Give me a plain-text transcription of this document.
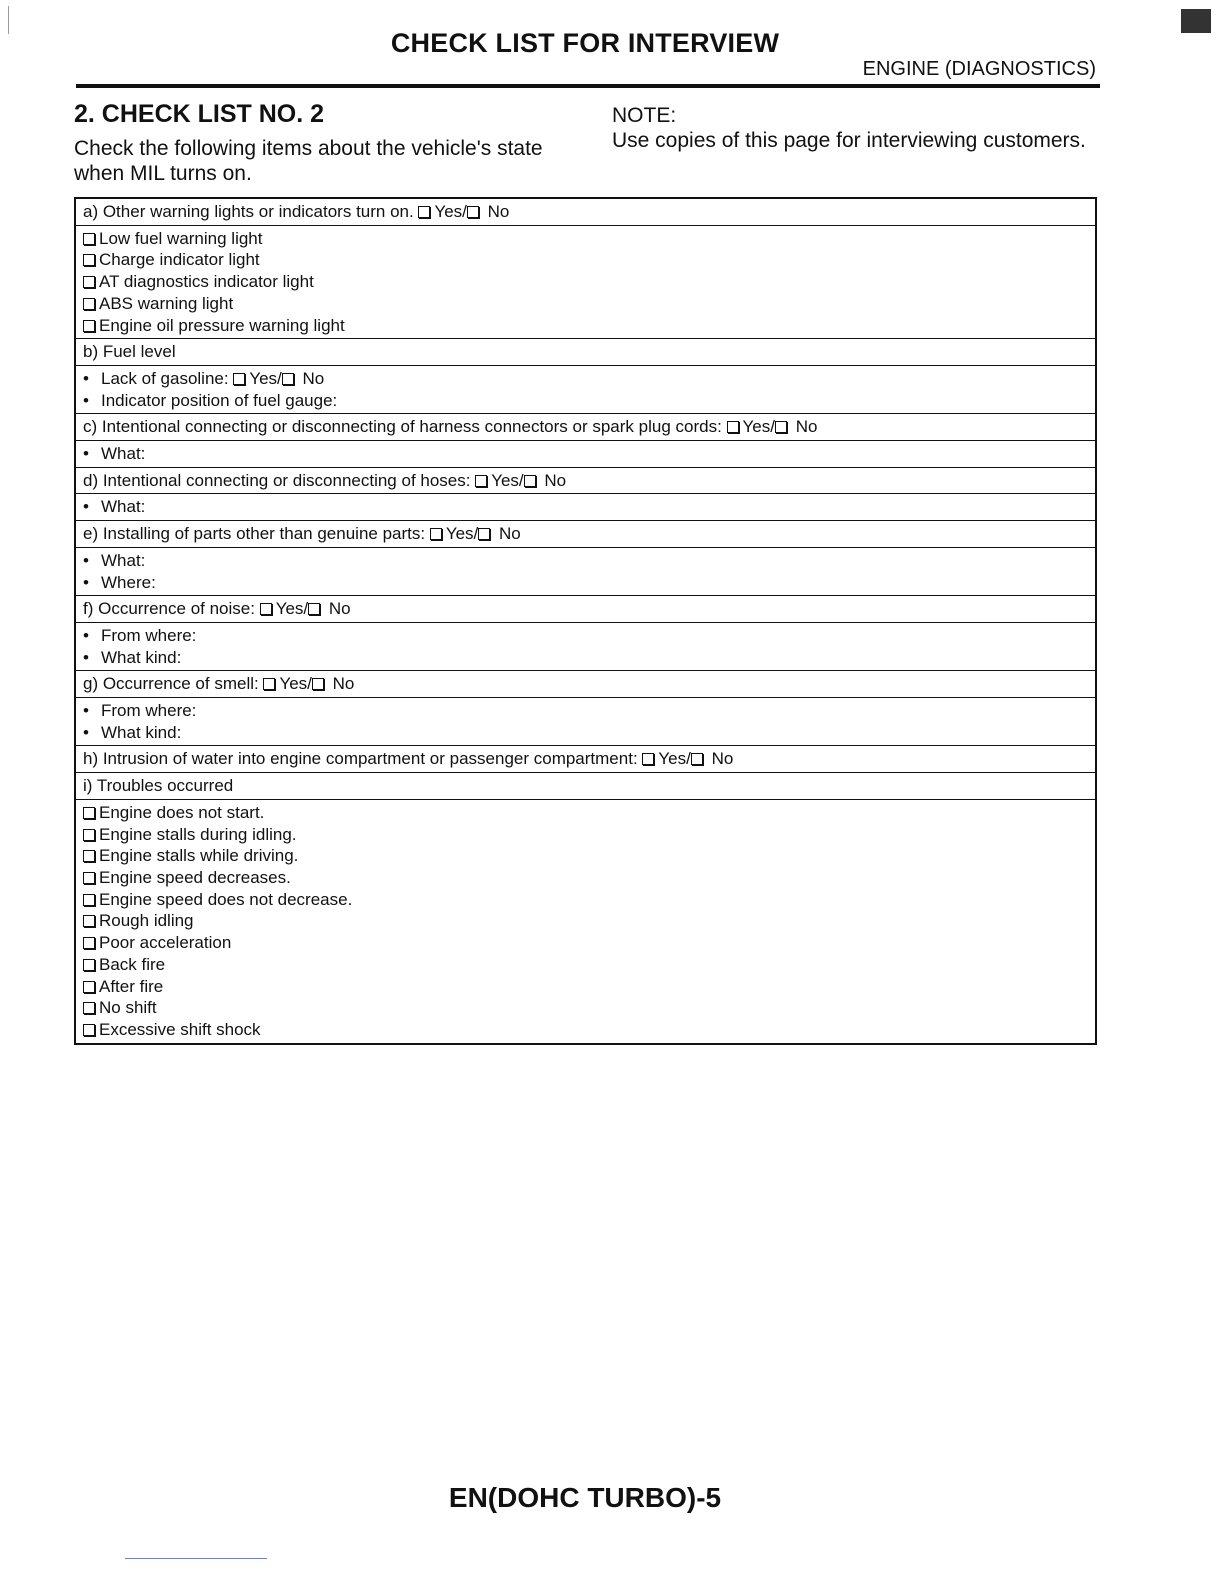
CHECK LIST FOR INTERVIEW
ENGINE (DIAGNOSTICS)
2. CHECK LIST NO. 2
Check the following items about the vehicle's state when MIL turns on.
NOTE:
Use copies of this page for interviewing customers.
a) Other warning lights or indicators turn on. Yes/ No
Low fuel warning light
Charge indicator light
AT diagnostics indicator light
ABS warning light
Engine oil pressure warning light
b) Fuel level
• Lack of gasoline: Yes/ No
• Indicator position of fuel gauge:
c) Intentional connecting or disconnecting of harness connectors or spark plug cords: Yes/ No
• What:
d) Intentional connecting or disconnecting of hoses: Yes/ No
• What:
e) Installing of parts other than genuine parts: Yes/ No
• What:
• Where:
f) Occurrence of noise: Yes/ No
• From where:
• What kind:
g) Occurrence of smell: Yes/ No
• From where:
• What kind:
h) Intrusion of water into engine compartment or passenger compartment: Yes/ No
i) Troubles occurred
Engine does not start.
Engine stalls during idling.
Engine stalls while driving.
Engine speed decreases.
Engine speed does not decrease.
Rough idling
Poor acceleration
Back fire
After fire
No shift
Excessive shift shock
EN(DOHC TURBO)-5
